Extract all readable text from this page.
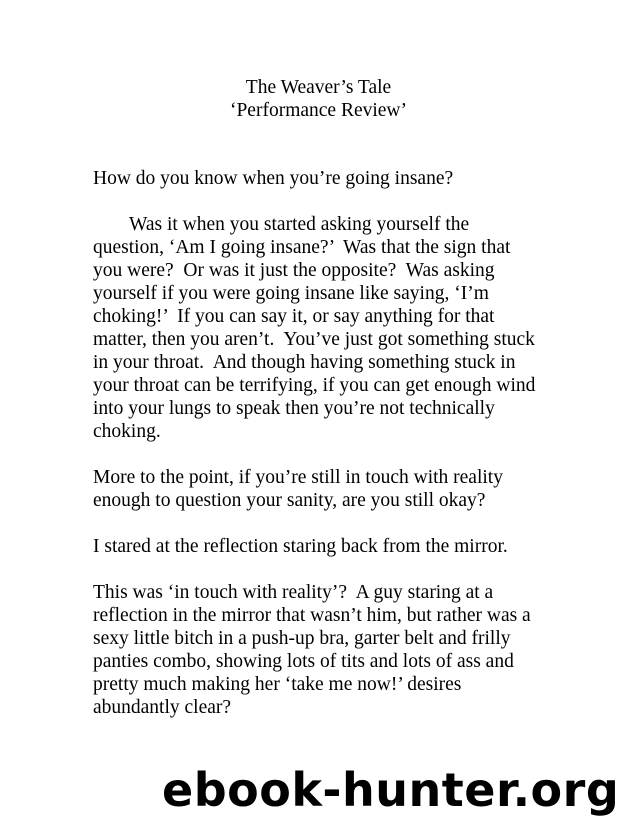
The Weaver’s Tale
‘Performance Review’

How do you know when you’re going insane?

Was it when you started asking yourself the
question, ‘Am I going insane?’  Was that the sign that
you were?  Or was it just the opposite?  Was asking
yourself if you were going insane like saying, ‘I’m
choking!’  If you can say it, or say anything for that
matter, then you aren’t.  You’ve just got something stuck
in your throat.  And though having something stuck in
your throat can be terrifying, if you can get enough wind
into your lungs to speak then you’re not technically
choking.

More to the point, if you’re still in touch with reality
enough to question your sanity, are you still okay?

I stared at the reflection staring back from the mirror.

This was ‘in touch with reality’?  A guy staring at a
reflection in the mirror that wasn’t him, but rather was a
sexy little bitch in a push-up bra, garter belt and frilly
panties combo, showing lots of tits and lots of ass and
pretty much making her ‘take me now!’ desires
abundantly clear?

ebook-hunter.org
